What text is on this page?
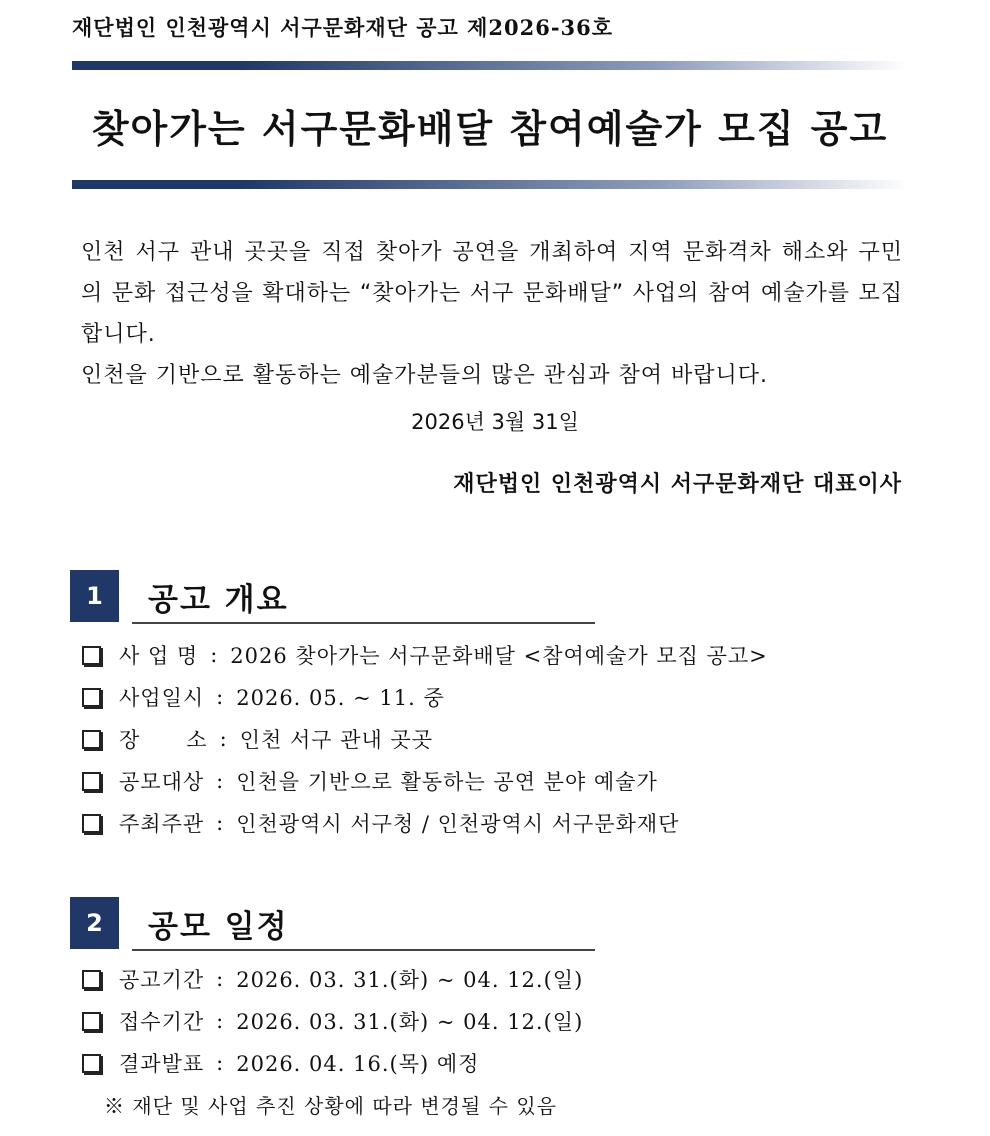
재단법인 인천광역시 서구문화재단 공고 제2026-36호
찾아가는 서구문화배달 참여예술가 모집 공고

인천 서구 관내 곳곳을 직접 찾아가 공연을 개최하여 지역 문화격차 해소와 구민의 문화 접근성을 확대하는 “찾아가는 서구 문화배달” 사업의 참여 예술가를 모집합니다.

인천을 기반으로 활동하는 예술가분들의 많은 관심과 참여 바랍니다.

2026년 3월 31일
재단법인 인천광역시 서구문화재단 대표이사
1	공고 개요
사 업 명 : 2026 찾아가는 서구문화배달 <참여예술가 모집 공고>
사업일시 : 2026. 05. ~ 11. 중
장      소 : 인천 서구 관내 곳곳
공모대상 : 인천을 기반으로 활동하는 공연 분야 예술가
주최주관 : 인천광역시 서구청 / 인천광역시 서구문화재단
2	공모 일정
공고기간 : 2026. 03. 31.(화) ~ 04. 12.(일)
접수기간 : 2026. 03. 31.(화) ~ 04. 12.(일)
결과발표 : 2026. 04. 16.(목) 예정
※ 재단 및 사업 추진 상황에 따라 변경될 수 있음
